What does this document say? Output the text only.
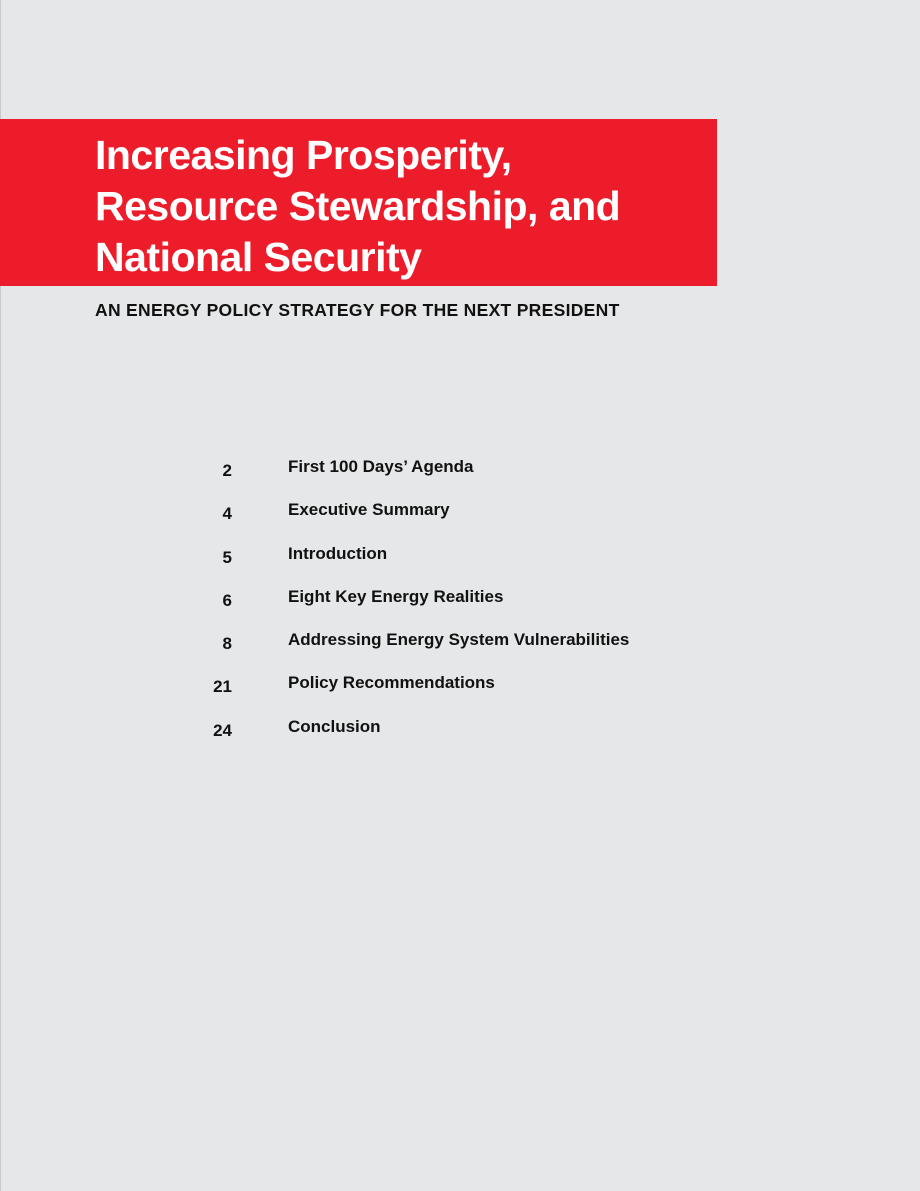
Increasing Prosperity,
Resource Stewardship, and
National Security

AN ENERGY POLICY STRATEGY FOR THE NEXT PRESIDENT

2	First 100 Days’ Agenda
4	Executive Summary
5	Introduction
6	Eight Key Energy Realities
8	Addressing Energy System Vulnerabilities
21	Policy Recommendations
24	Conclusion
